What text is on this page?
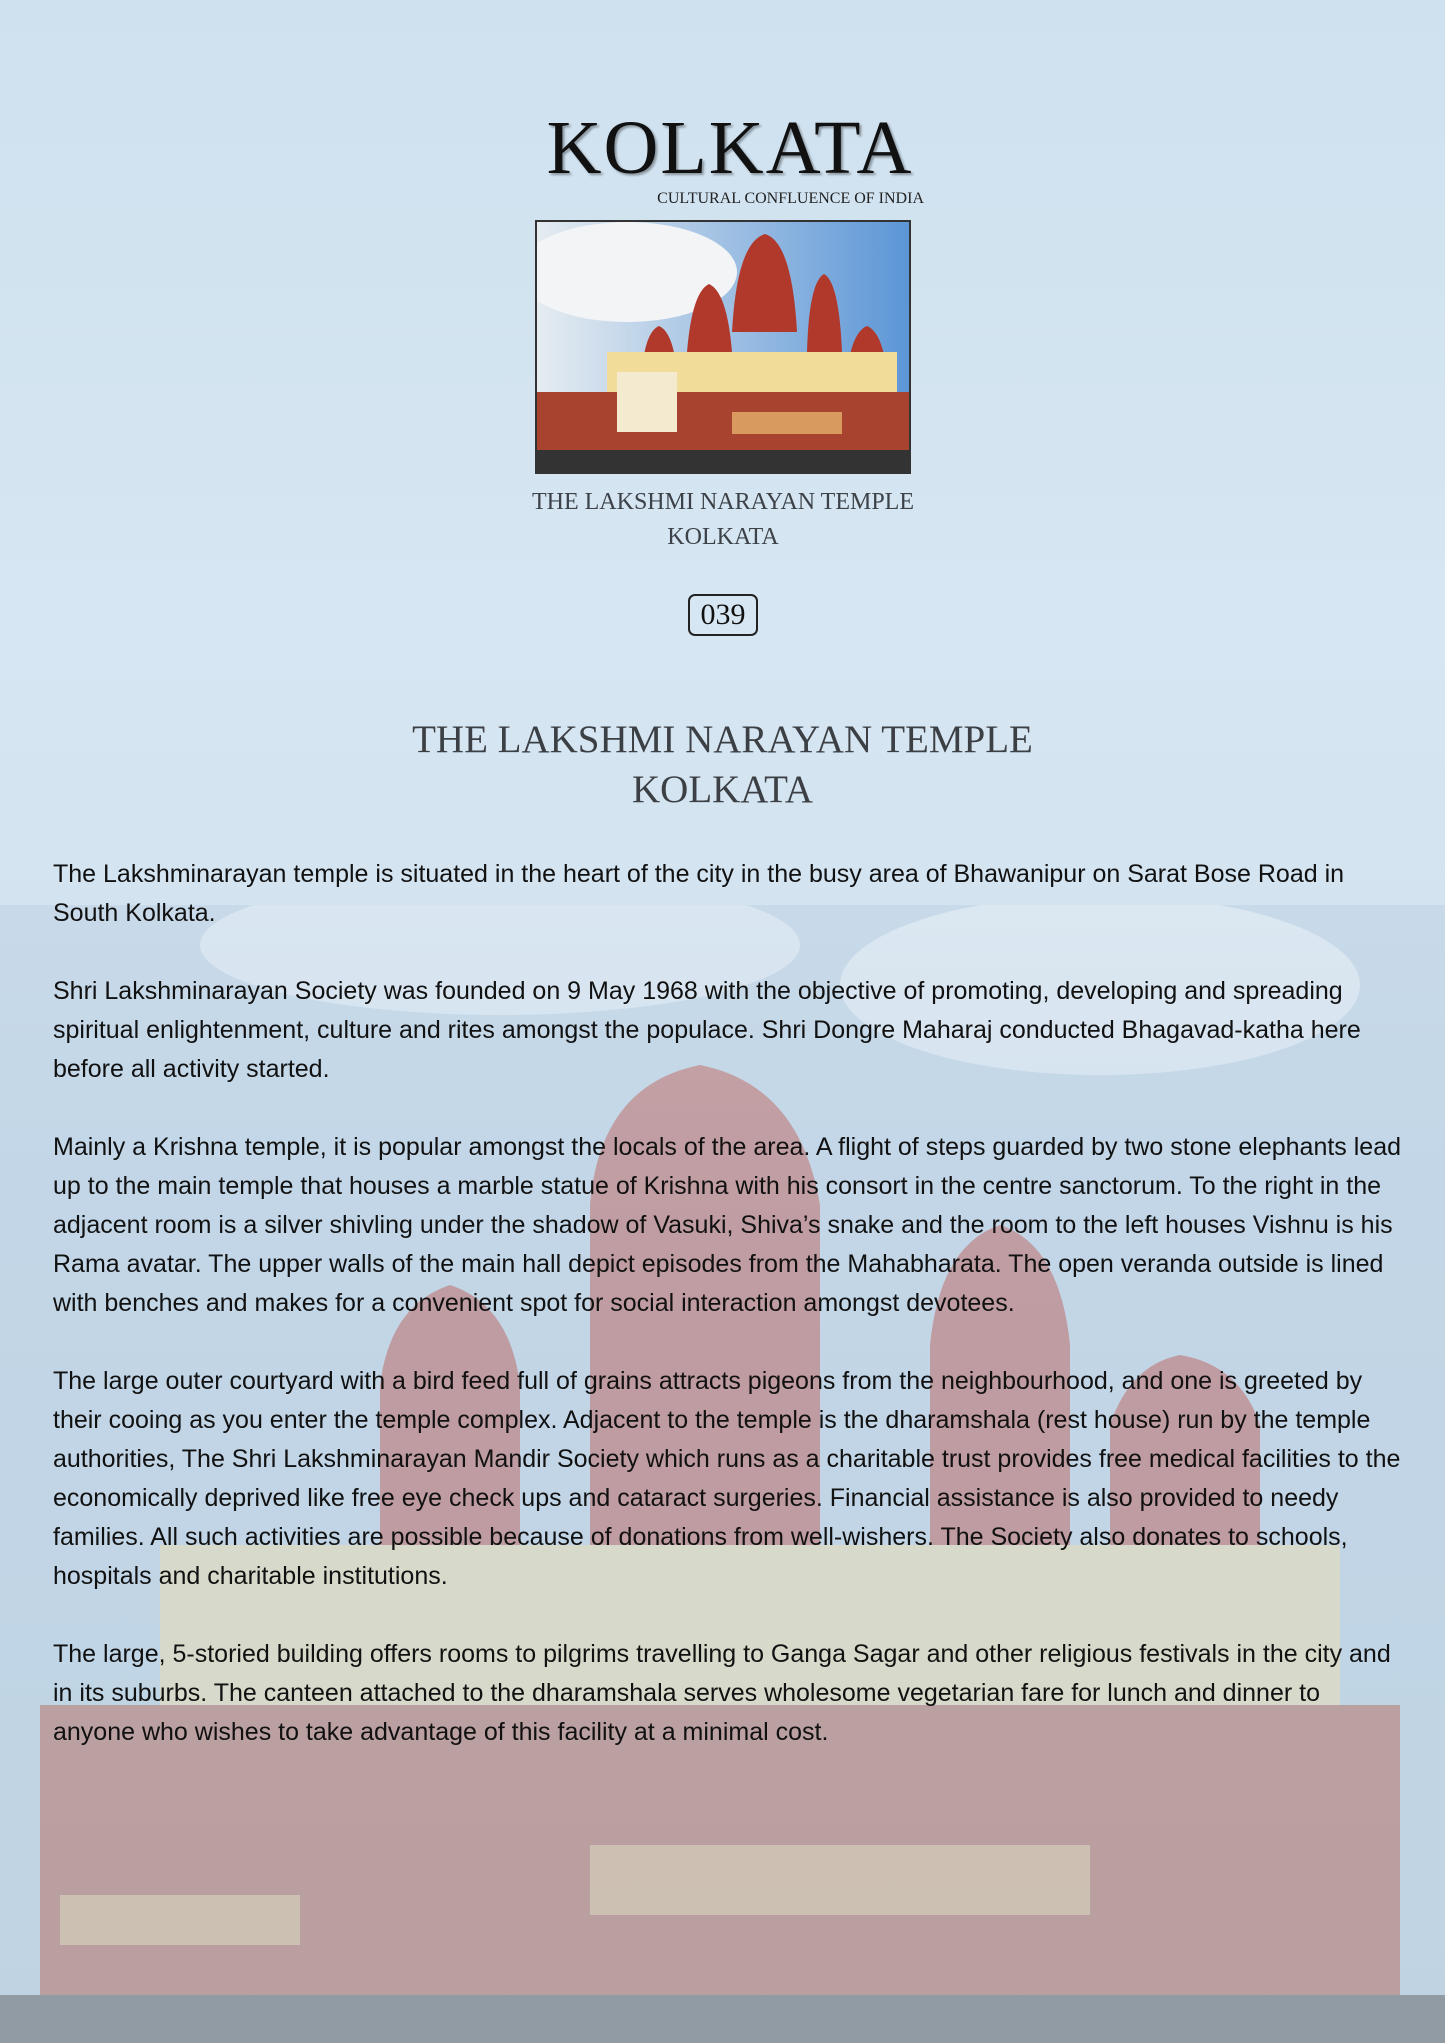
KOLKATA
CULTURAL CONFLUENCE OF INDIA
THE LAKSHMI NARAYAN TEMPLE
KOLKATA
039
THE LAKSHMI NARAYAN TEMPLE
KOLKATA

The Lakshminarayan temple is situated in the heart of the city in the busy area of Bhawanipur on Sarat Bose Road in South Kolkata.

Shri Lakshminarayan Society was founded on 9 May 1968 with the objective of promoting, developing and spreading spiritual enlightenment, culture and rites amongst the populace. Shri Dongre Maharaj conducted Bhagavad-katha here before all activity started.

Mainly a Krishna temple, it is popular amongst the locals of the area. A flight of steps guarded by two stone elephants lead up to the main temple that houses a marble statue of Krishna with his consort in the centre sanctorum. To the right in the adjacent room is a silver shivling under the shadow of Vasuki, Shiva’s snake and the room to the left houses Vishnu is his Rama avatar. The upper walls of the main hall depict episodes from the Mahabharata. The open veranda outside is lined with benches and makes for a convenient spot for social interaction amongst devotees.

The large outer courtyard with a bird feed full of grains attracts pigeons from the neighbourhood, and one is greeted by their cooing as you enter the temple complex. Adjacent to the temple is the dharamshala (rest house) run by the temple authorities, The Shri Lakshminarayan Mandir Society which runs as a charitable trust provides free medical facilities to the economically deprived like free eye check ups and cataract surgeries. Financial assistance is also provided to needy families. All such activities are possible because of donations from well-wishers. The Society also donates to schools, hospitals and charitable institutions.

The large, 5-storied building offers rooms to pilgrims travelling to Ganga Sagar and other religious festivals in the city and in its suburbs. The canteen attached to the dharamshala serves wholesome vegetarian fare for lunch and dinner to anyone who wishes to take advantage of this facility at a minimal cost.
